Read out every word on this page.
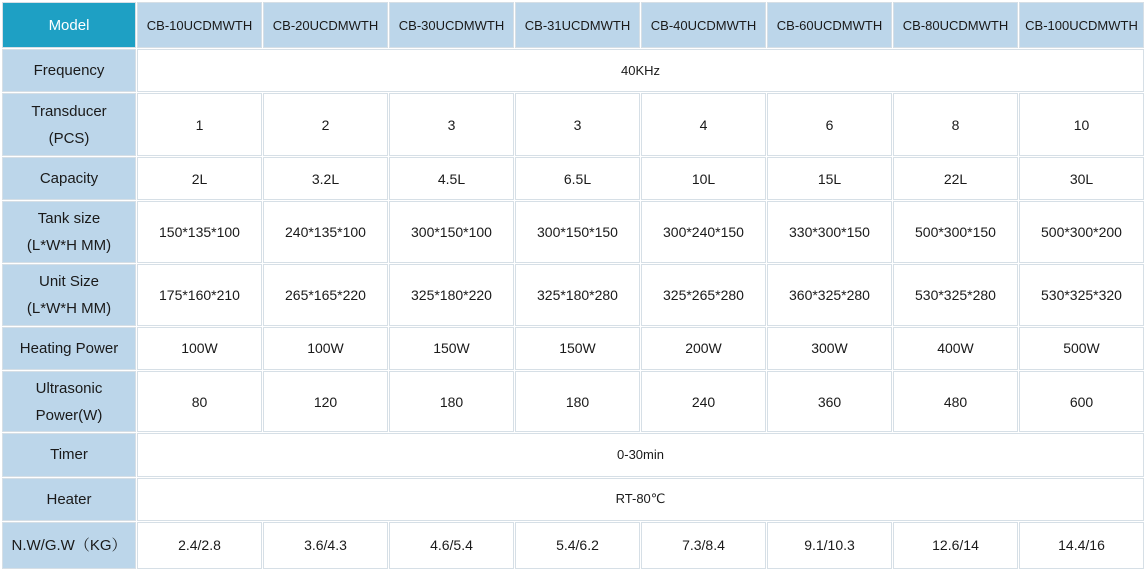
Model	CB-10UCDMWTH	CB-20UCDMWTH	CB-30UCDMWTH	CB-31UCDMWTH	CB-40UCDMWTH	CB-60UCDMWTH	CB-80UCDMWTH	CB-100UCDMWTH
Frequency	40KHz							

Transducer
(PCS)	1	2	3	3	4	6	8	10
Capacity	2L	3.2L	4.5L	6.5L	10L	15L	22L	30L

Tank size
(L*W*H MM)	150*135*100	240*135*100	300*150*100	300*150*150	300*240*150	330*300*150	500*300*150	500*300*200

Unit Size
(L*W*H MM)	175*160*210	265*165*220	325*180*220	325*180*280	325*265*280	360*325*280	530*325*280	530*325*320
Heating Power	100W	100W	150W	150W	200W	300W	400W	500W

Ultrasonic
Power(W)	80	120	180	180	240	360	480	600
Timer	0-30min							
Heater	RT-80℃							
N.W/G.W（KG）	2.4/2.8	3.6/4.3	4.6/5.4	5.4/6.2	7.3/8.4	9.1/10.3	12.6/14	14.4/16
